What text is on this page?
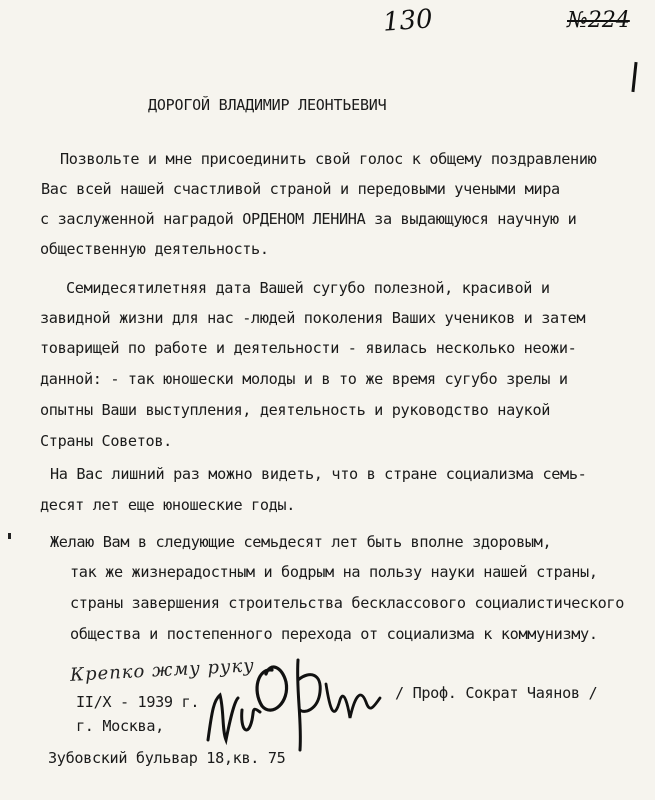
130	№224
ДОРОГОЙ ВЛАДИМИР ЛЕОНТЬЕВИЧ
Позвольте и мне присоединить свой голос к общему поздравлению
Вас всей нашей счастливой страной и передовыми учеными мира
с заслуженной наградой ОРДЕНОМ ЛЕНИНА за выдающуюся научную и
общественную деятельность.
Семидесятилетняя дата Вашей сугубо полезной, красивой и
завидной жизни для нас -людей поколения Ваших учеников и затем
товарищей по работе и деятельности - явилась несколько неожи-
данной: - так юношески молоды и в то же время сугубо зрелы и
опытны Ваши выступления, деятельность и руководство наукой
Страны Советов.
На Вас лишний раз можно видеть, что в стране социализма семь-
десят лет еще юношеские годы.
Желаю Вам в следующие семьдесят лет быть вполне здоровым,
так же жизнерадостным и бодрым на пользу науки нашей страны,
страны завершения строительства бесклассового социалистического
общества и постепенного перехода от социализма к коммунизму.
Крепко жму руку
II/X - 1939 г.	/ Проф. Сократ Чаянов /
г. Москва,
Зубовский бульвар 18,кв. 75
